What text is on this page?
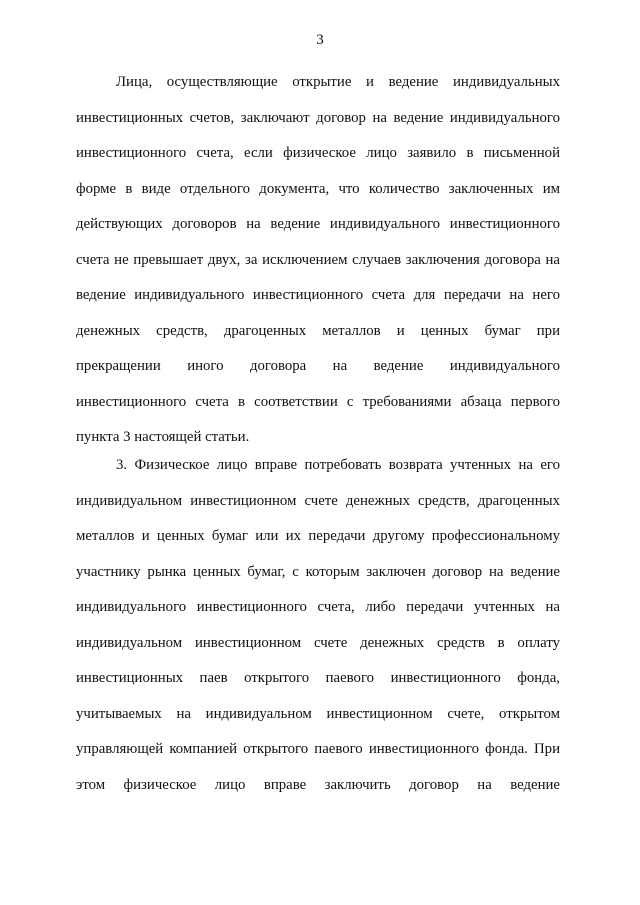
3
Лица, осуществляющие открытие и ведение индивидуальных
инвестиционных счетов, заключают договор на ведение индивидуального
инвестиционного счета, если физическое лицо заявило в письменной
форме в виде отдельного документа, что количество заключенных им
действующих договоров на ведение индивидуального инвестиционного
счета не превышает двух, за исключением случаев заключения договора на
ведение индивидуального инвестиционного счета для передачи на него
денежных средств, драгоценных металлов и ценных бумаг при
прекращении иного договора на ведение индивидуального
инвестиционного счета в соответствии с требованиями абзаца первого
пункта 3 настоящей статьи.
3. Физическое лицо вправе потребовать возврата учтенных на его
индивидуальном инвестиционном счете денежных средств, драгоценных
металлов и ценных бумаг или их передачи другому профессиональному
участнику рынка ценных бумаг, с которым заключен договор на ведение
индивидуального инвестиционного счета, либо передачи учтенных на
индивидуальном инвестиционном счете денежных средств в оплату
инвестиционных паев открытого паевого инвестиционного фонда,
учитываемых на индивидуальном инвестиционном счете, открытом
управляющей компанией открытого паевого инвестиционного фонда. При
этом физическое лицо вправе заключить договор на ведение
